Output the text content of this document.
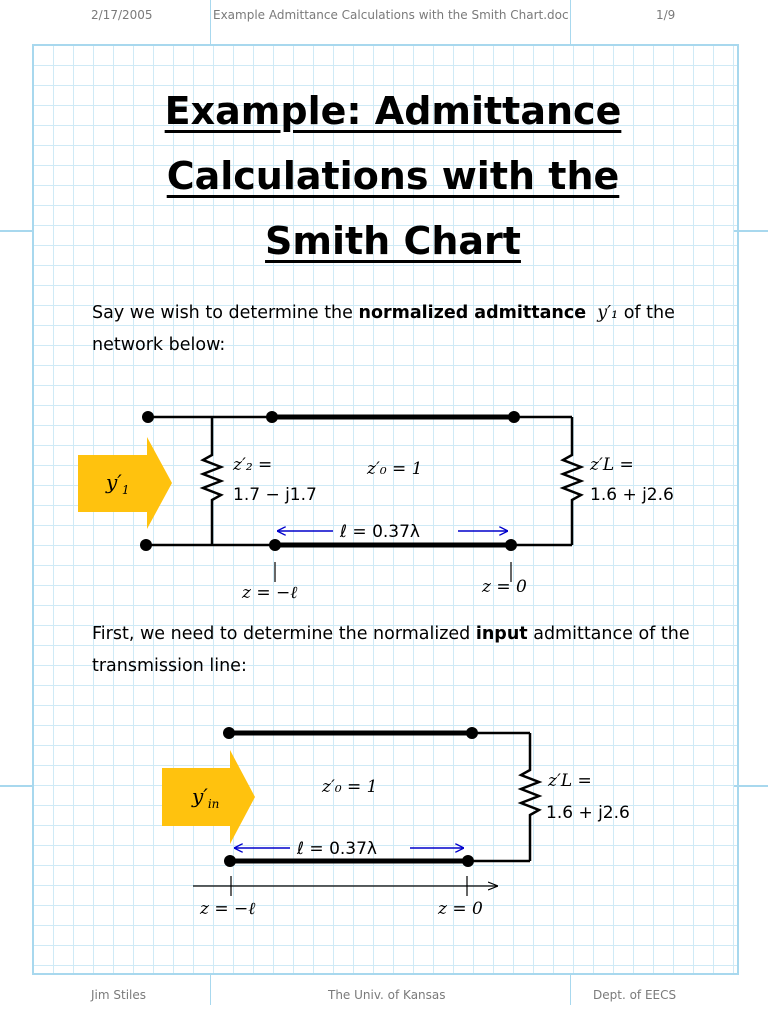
2/17/2005	Example Admittance Calculations with the Smith Chart.doc	1/9
Example: Admittance
Calculations with the
Smith Chart

Say we wish to determine the normalized admittance y′₁ of the network below:

$y'_1$
z′₂ =
1.7 − j1.7
z′₀ = 1	z′L =
1.6 + j2.6
ℓ = 0.37λ
z = −ℓ	z = 0

First, we need to determine the normalized input admittance of the transmission line:

$y'_{in}$
z′₀ = 1	z′L =
1.6 + j2.6
ℓ = 0.37λ
z = −ℓ	z = 0
Jim Stiles	The Univ. of Kansas	Dept. of EECS
